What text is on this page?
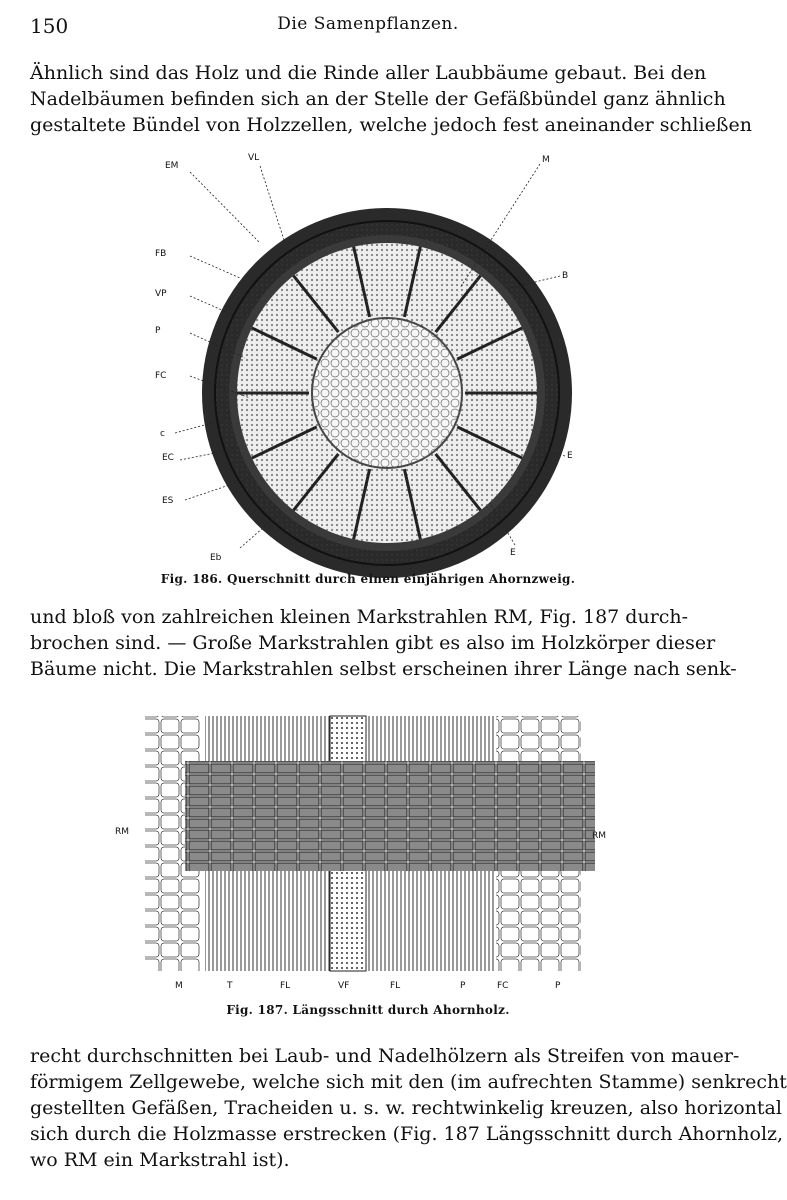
150	Die Samenpflanzen.
Ähnlich sind das Holz und die Rinde aller Laubbäume gebaut. Bei den
Nadelbäumen befinden sich an der Stelle der Gefäßbündel ganz ähnlich
gestaltete Bündel von Holzzellen, welche jedoch fest aneinander schließen
EM
VL	M
FB
B
VP
P
FC
c
EC	E
ES
Eb	E
Fig. 186. Querschnitt durch einen einjährigen Ahornzweig.
und bloß von zahlreichen kleinen Markstrahlen RM, Fig. 187 durch-
brochen sind. — Große Markstrahlen gibt es also im Holzkörper dieser
Bäume nicht. Die Markstrahlen selbst erscheinen ihrer Länge nach senk-
RM	RM
M	T	FL	VF	FL	P	FC	P
Fig. 187. Längsschnitt durch Ahornholz.
recht durchschnitten bei Laub- und Nadelhölzern als Streifen von mauer-
förmigem Zellgewebe, welche sich mit den (im aufrechten Stamme) senkrecht
gestellten Gefäßen, Tracheiden u. s. w. rechtwinkelig kreuzen, also horizontal
sich durch die Holzmasse erstrecken (Fig. 187 Längsschnitt durch Ahornholz,
wo RM ein Markstrahl ist).
